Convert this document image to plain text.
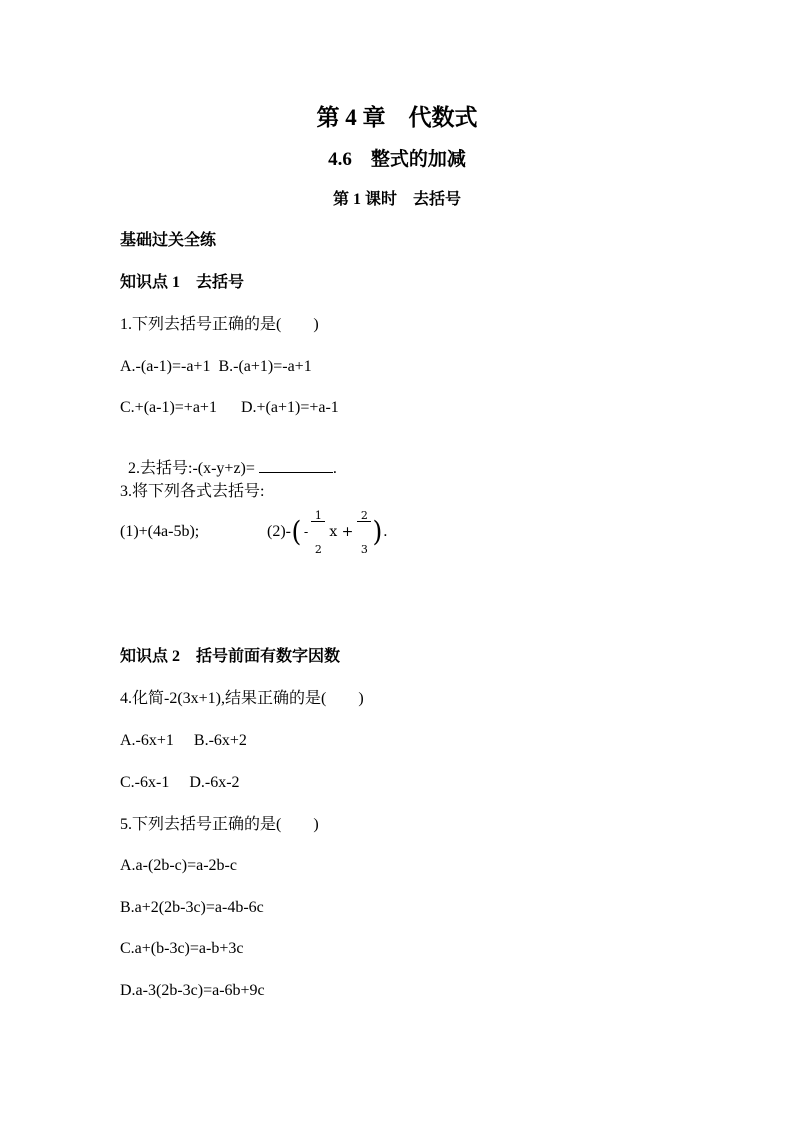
第 4 章　代数式
4.6　整式的加减
第 1 课时　去括号
基础过关全练
知识点 1　去括号
1.下列去括号正确的是(　　)
A.-(a-1)=-a+1  B.-(a+1)=-a+1
C.+(a-1)=+a+1      D.+(a+1)=+a-1

2.去括号:-(x-y+z)=	.

3.将下列各式去括号:
(1)+(4a-5b);	(2)- ( -

$\frac{1}{2}$

x +

$\frac{2}{3}$

) .
知识点 2　括号前面有数字因数
4.化简-2(3x+1),结果正确的是(　　)
A.-6x+1     B.-6x+2
C.-6x-1     D.-6x-2
5.下列去括号正确的是(　　)
A.a-(2b-c)=a-2b-c
B.a+2(2b-3c)=a-4b-6c
C.a+(b-3c)=a-b+3c
D.a-3(2b-3c)=a-6b+9c
